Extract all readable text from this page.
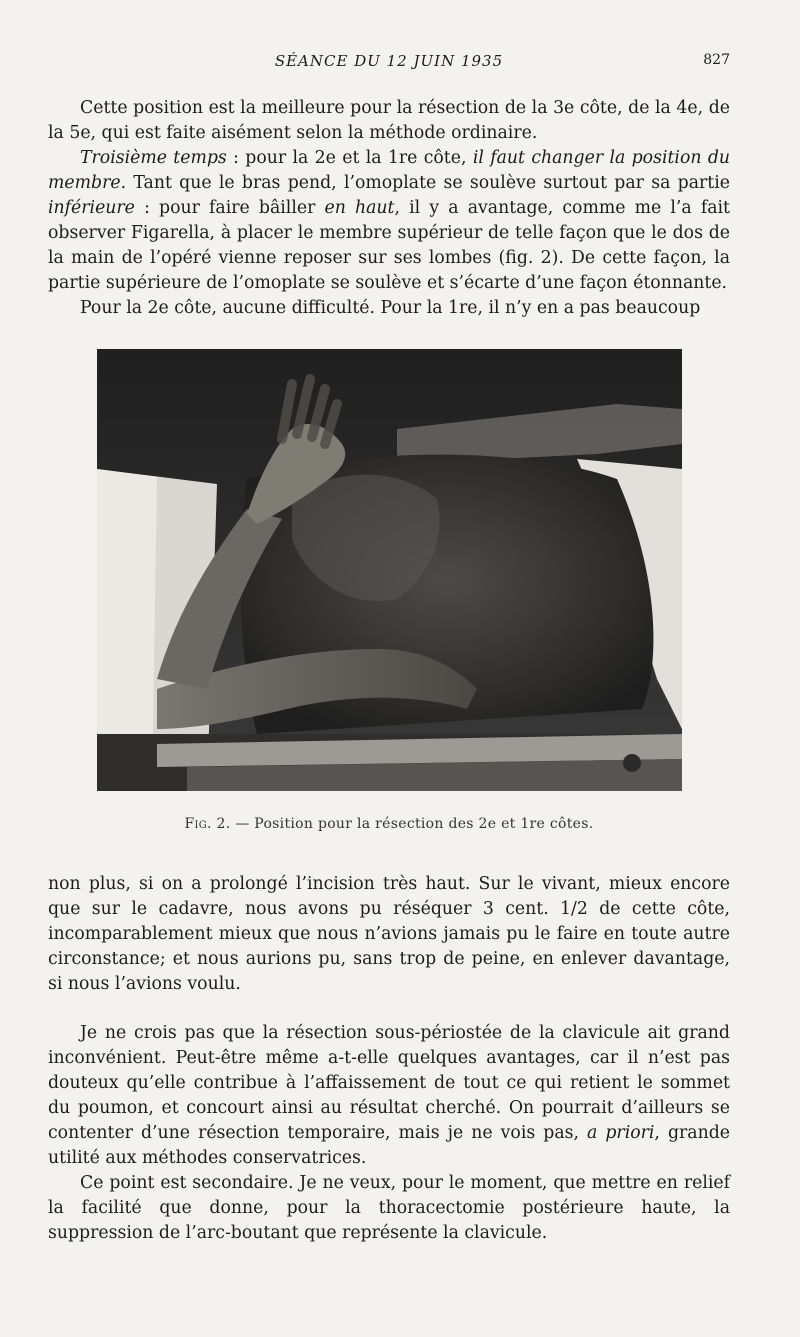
SÉANCE DU 12 JUIN 1935	827

Cette position est la meilleure pour la résection de la 3e côte, de la 4e, de la 5e, qui est faite aisément selon la méthode ordinaire.

Troisième temps : pour la 2e et la 1re côte, il faut changer la position du membre. Tant que le bras pend, l’omoplate se soulève surtout par sa partie inférieure : pour faire bâiller en haut, il y a avantage, comme me l’a fait observer Figarella, à placer le membre supérieur de telle façon que le dos de la main de l’opéré vienne reposer sur ses lombes (fig. 2). De cette façon, la partie supérieure de l’omoplate se soulève et s’écarte d’une façon étonnante.

Pour la 2e côte, aucune difficulté. Pour la 1re, il n’y en a pas beaucoup

Fig. 2. — Position pour la résection des 2e et 1re côtes.

non plus, si on a prolongé l’incision très haut. Sur le vivant, mieux encore que sur le cadavre, nous avons pu réséquer 3 cent. 1/2 de cette côte, incomparablement mieux que nous n’avions jamais pu le faire en toute autre circonstance; et nous aurions pu, sans trop de peine, en enlever davantage, si nous l’avions voulu.

Je ne crois pas que la résection sous-périostée de la clavicule ait grand inconvénient. Peut-être même a-t-elle quelques avantages, car il n’est pas douteux qu’elle contribue à l’affaissement de tout ce qui retient le sommet du poumon, et concourt ainsi au résultat cherché. On pourrait d’ailleurs se contenter d’une résection temporaire, mais je ne vois pas, a priori, grande utilité aux méthodes conservatrices.

Ce point est secondaire. Je ne veux, pour le moment, que mettre en relief la facilité que donne, pour la thoracectomie postérieure haute, la suppression de l’arc-boutant que représente la clavicule.
